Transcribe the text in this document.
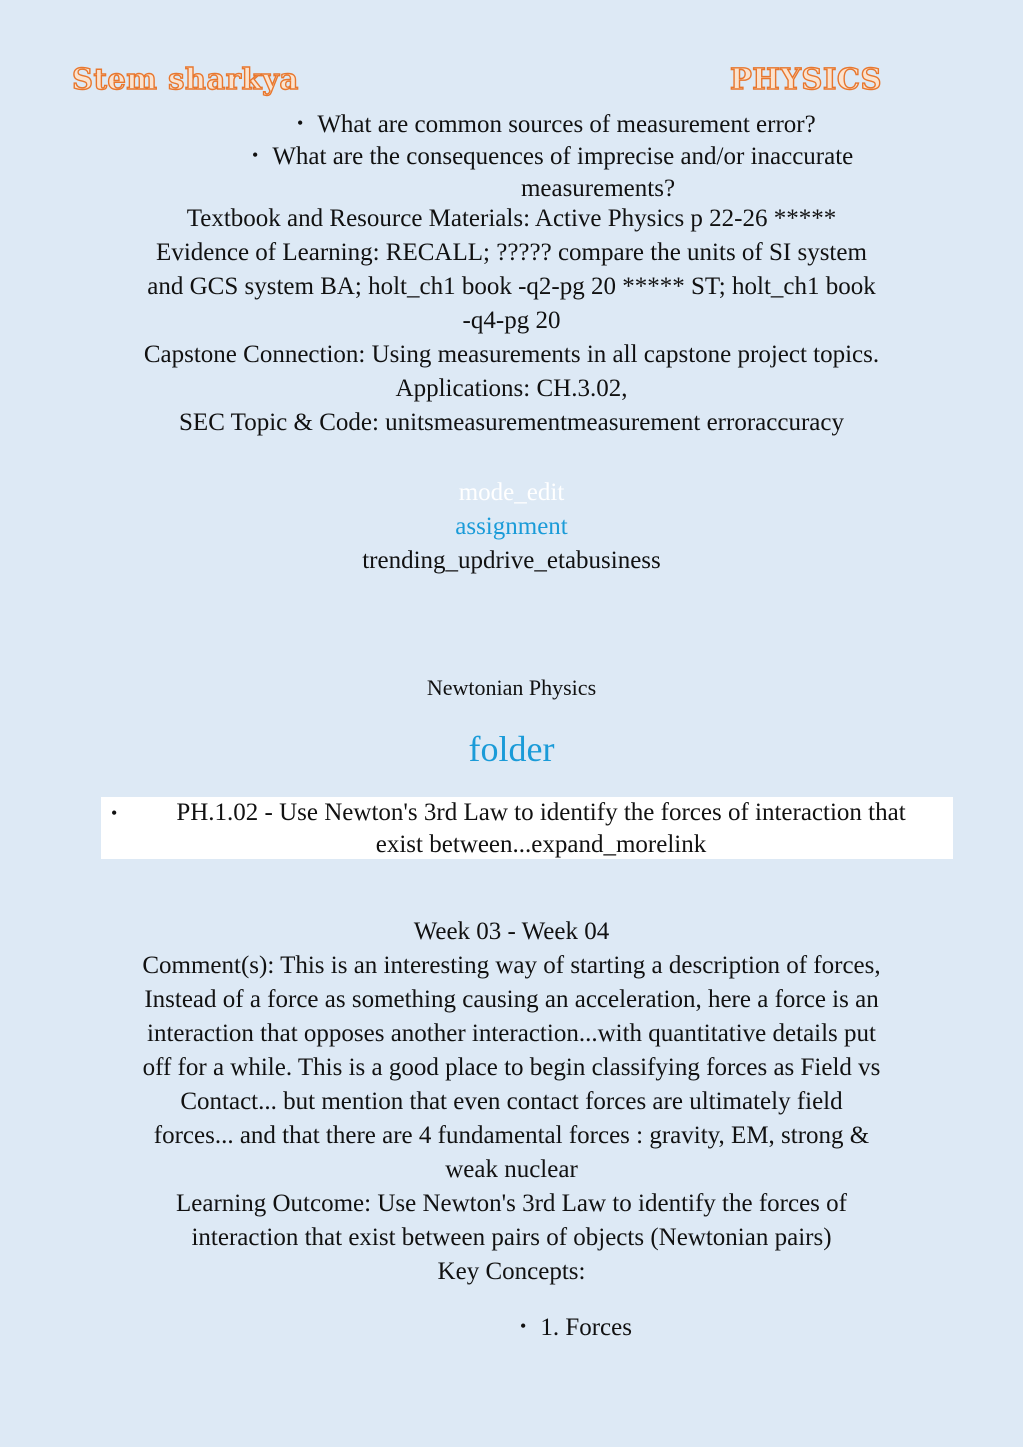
Stem sharkya	PHYSICS
• What are common sources of measurement error?
• What are the consequences of imprecise and/or inaccurate
measurements?
Textbook and Resource Materials: Active Physics p 22-26 *****
Evidence of Learning: RECALL; ????? compare the units of SI system
and GCS system BA; holt_ch1 book -q2-pg 20 ***** ST; holt_ch1 book
-q4-pg 20
Capstone Connection: Using measurements in all capstone project topics.
Applications: CH.3.02,
SEC Topic & Code: unitsmeasurementmeasurement erroraccuracy
mode_edit
assignment
trending_updrive_etabusiness
Newtonian Physics
folder
•	PH.1.02 - Use Newton's 3rd Law to identify the forces of interaction that
exist between...expand_morelink
Week 03 - Week 04
Comment(s): This is an interesting way of starting a description of forces,
Instead of a force as something causing an acceleration, here a force is an
interaction that opposes another interaction...with quantitative details put
off for a while. This is a good place to begin classifying forces as Field vs
Contact... but mention that even contact forces are ultimately field
forces... and that there are 4 fundamental forces : gravity, EM, strong &
weak nuclear
Learning Outcome: Use Newton's 3rd Law to identify the forces of
interaction that exist between pairs of objects (Newtonian pairs)
Key Concepts:
• 1. Forces
